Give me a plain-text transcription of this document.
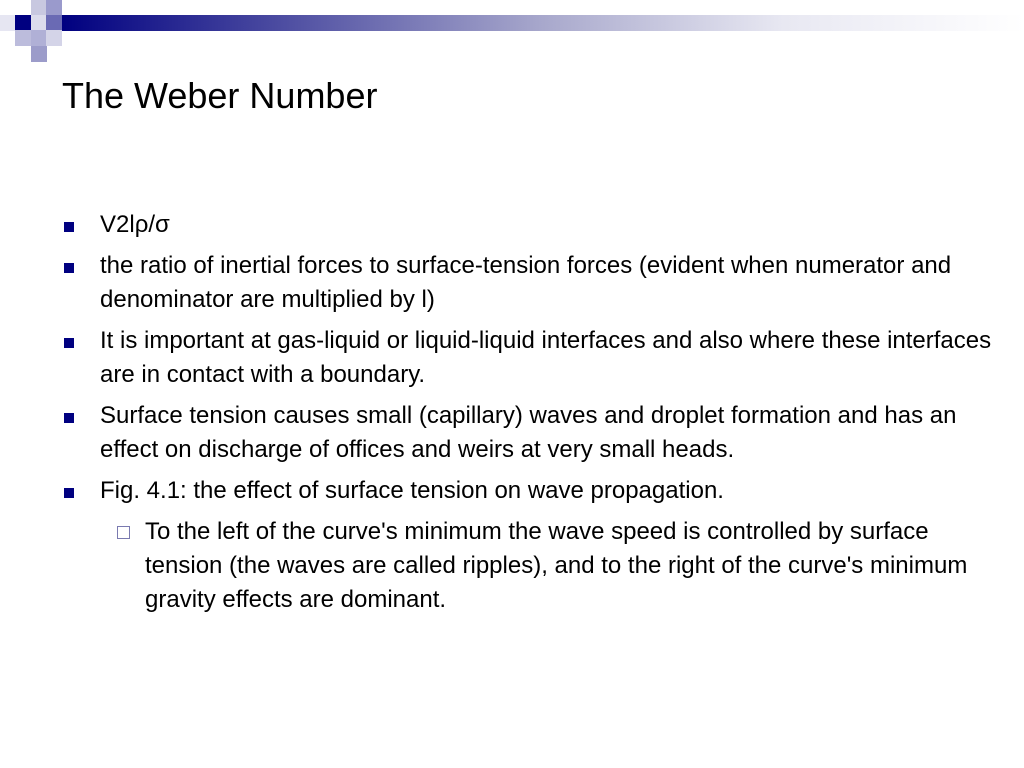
The Weber Number
V2lρ/σ
the ratio of inertial forces to surface-tension forces (evident when numerator and denominator are multiplied by l)
It is important at gas-liquid or liquid-liquid interfaces and also where these interfaces are in contact with a boundary.
Surface tension causes small (capillary) waves and droplet formation and has an effect on discharge of offices and weirs at very small heads.
Fig. 4.1: the effect of surface tension on wave propagation.
To the left of the curve's minimum the wave speed is controlled by surface tension (the waves are called ripples), and to the right of the curve's minimum gravity effects are dominant.
